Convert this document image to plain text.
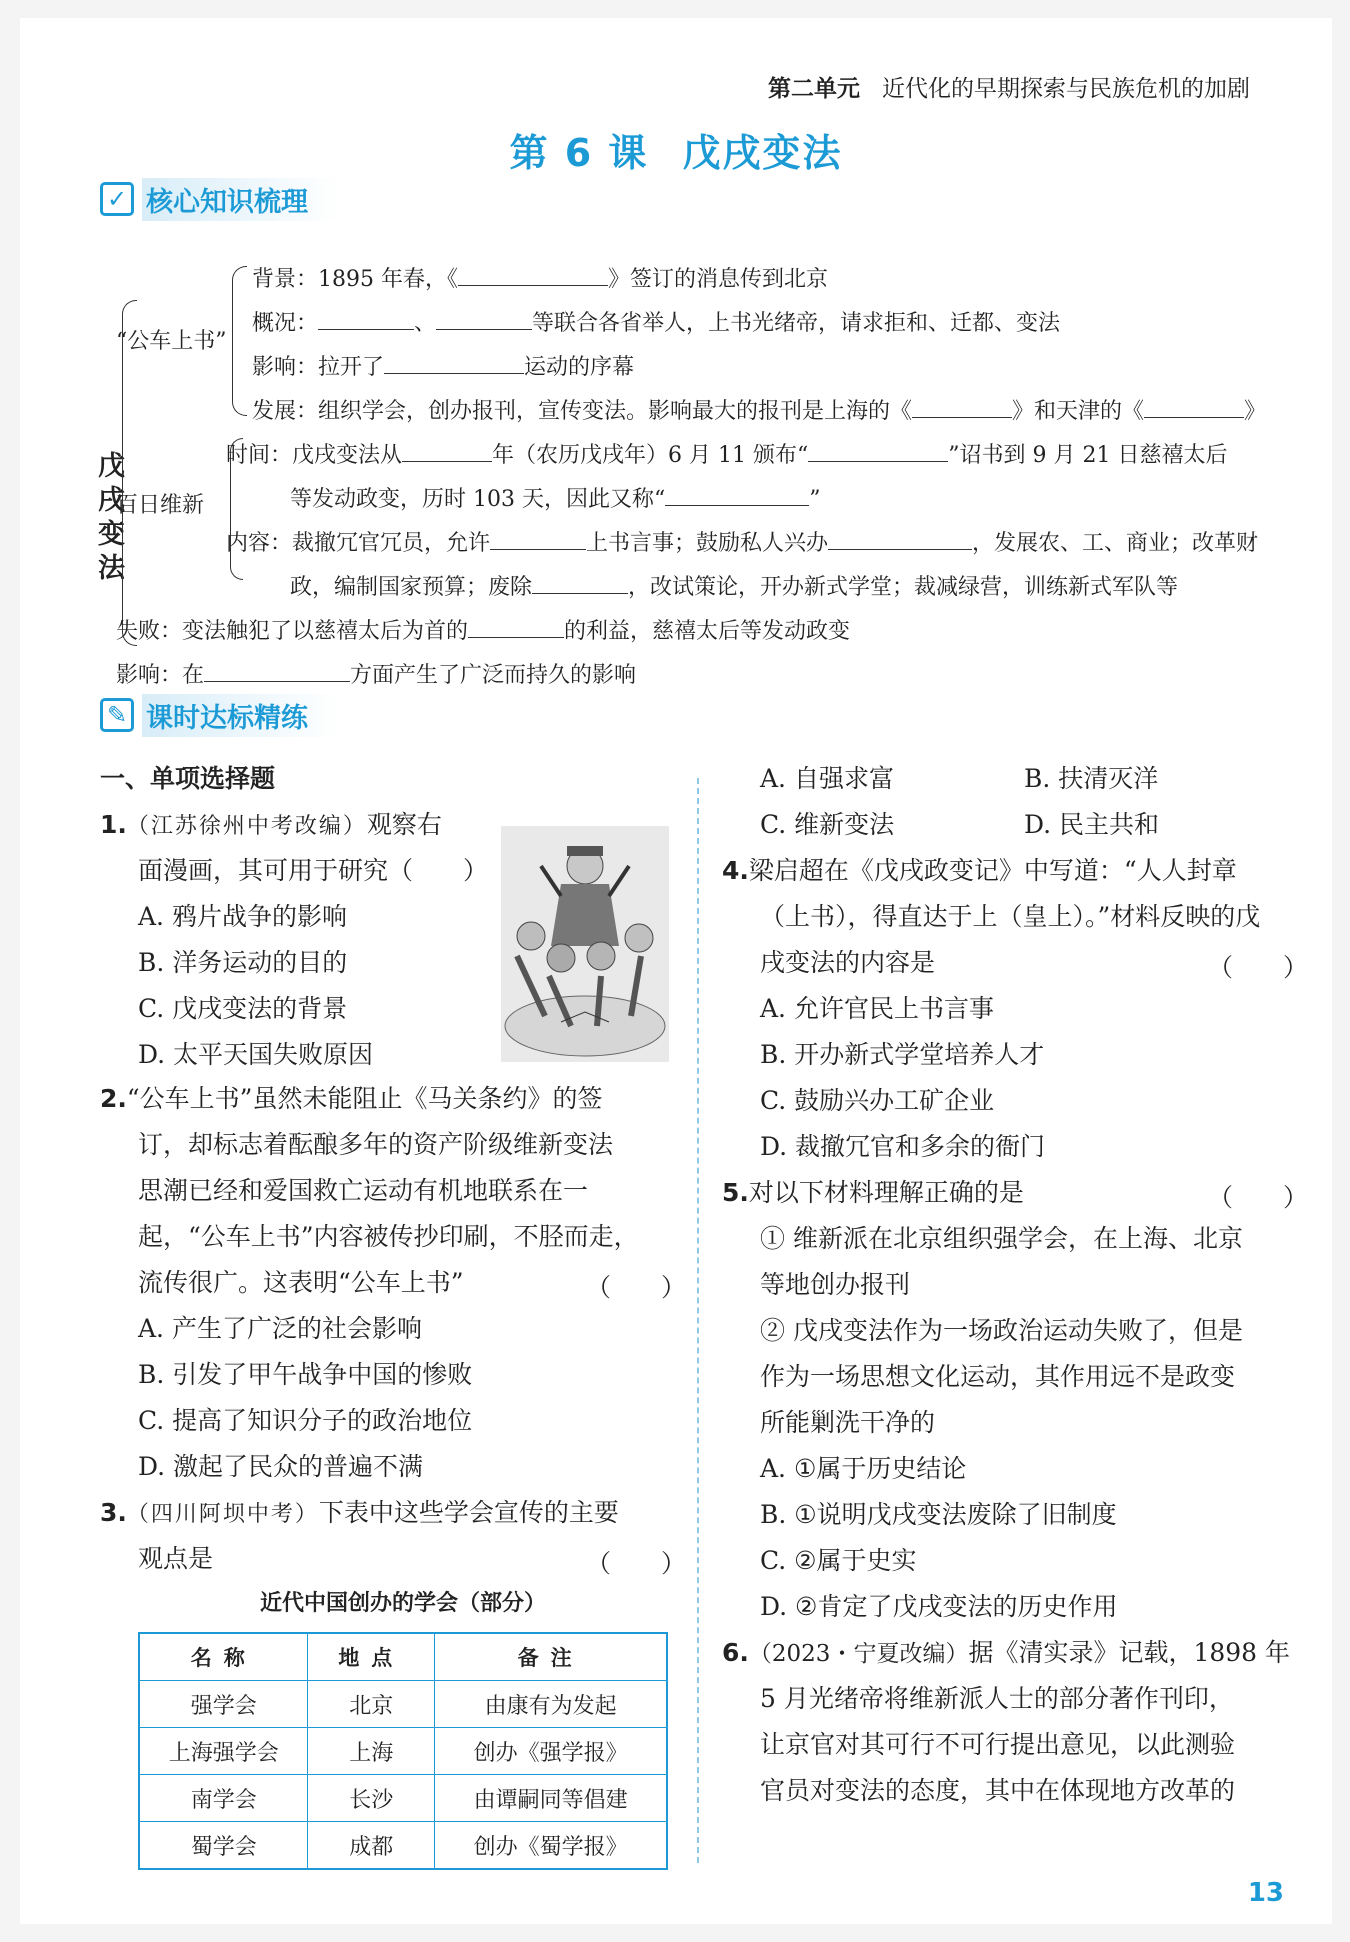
第二单元 近代化的早期探索与民族危机的加剧
第 6 课 戊戌变法
✓ 核心知识梳理
戊戌变法
“公车上书”
背景：1895 年春，《	》签订的消息传到北京
概况：	、	等联合各省举人，上书光绪帝，请求拒和、迁都、变法
影响：拉开了	运动的序幕
发展：组织学会，创办报刊，宣传变法。影响最大的报刊是上海的《	》和天津的《	》
百日维新
时间：戊戌变法从	年（农历戊戌年）6 月 11 颁布“	”诏书到 9 月 21 日慈禧太后
等发动政变，历时 103 天，因此又称“	”
内容：裁撤冗官冗员，允许	上书言事；鼓励私人兴办	，发展农、工、商业；改革财
政，编制国家预算；废除	，改试策论，开办新式学堂；裁减绿营，训练新式军队等
失败：变法触犯了以慈禧太后为首的	的利益，慈禧太后等发动政变
影响：在	方面产生了广泛而持久的影响
✎ 课时达标精练
一、单项选择题
1.（江苏徐州中考改编）观察右
面漫画，其可用于研究（　　）
A. 鸦片战争的影响
B. 洋务运动的目的
C. 戊戌变法的背景
D. 太平天国失败原因
2.“公车上书”虽然未能阻止《马关条约》的签
订，却标志着酝酿多年的资产阶级维新变法
思潮已经和爱国救亡运动有机地联系在一
起，“公车上书”内容被传抄印刷，不胫而走，
流传很广。这表明“公车上书”	（　　）
A. 产生了广泛的社会影响
B. 引发了甲午战争中国的惨败
C. 提高了知识分子的政治地位
D. 激起了民众的普遍不满
3.（四川阿坝中考）下表中这些学会宣传的主要
观点是	（　　）
近代中国创办的学会（部分）
名称	地点	备注
强学会	北京	由康有为发起
上海强学会	上海	创办《强学报》
南学会	长沙	由谭嗣同等倡建
蜀学会	成都	创办《蜀学报》
A. 自强求富	B. 扶清灭洋
C. 维新变法	D. 民主共和
4.梁启超在《戊戌政变记》中写道：“人人封章
（上书），得直达于上（皇上）。”材料反映的戊
戌变法的内容是	（　　）
A. 允许官民上书言事
B. 开办新式学堂培养人才
C. 鼓励兴办工矿企业
D. 裁撤冗官和多余的衙门
5.对以下材料理解正确的是	（　　）
① 维新派在北京组织强学会，在上海、北京
等地创办报刊
② 戊戌变法作为一场政治运动失败了，但是
作为一场思想文化运动，其作用远不是政变
所能剿洗干净的
A. ①属于历史结论
B. ①说明戊戌变法废除了旧制度
C. ②属于史实
D. ②肯定了戊戌变法的历史作用
6.（2023・宁夏改编）据《清实录》记载，1898 年
5 月光绪帝将维新派人士的部分著作刊印，
让京官对其可行不可行提出意见，以此测验
官员对变法的态度，其中在体现地方改革的
13
